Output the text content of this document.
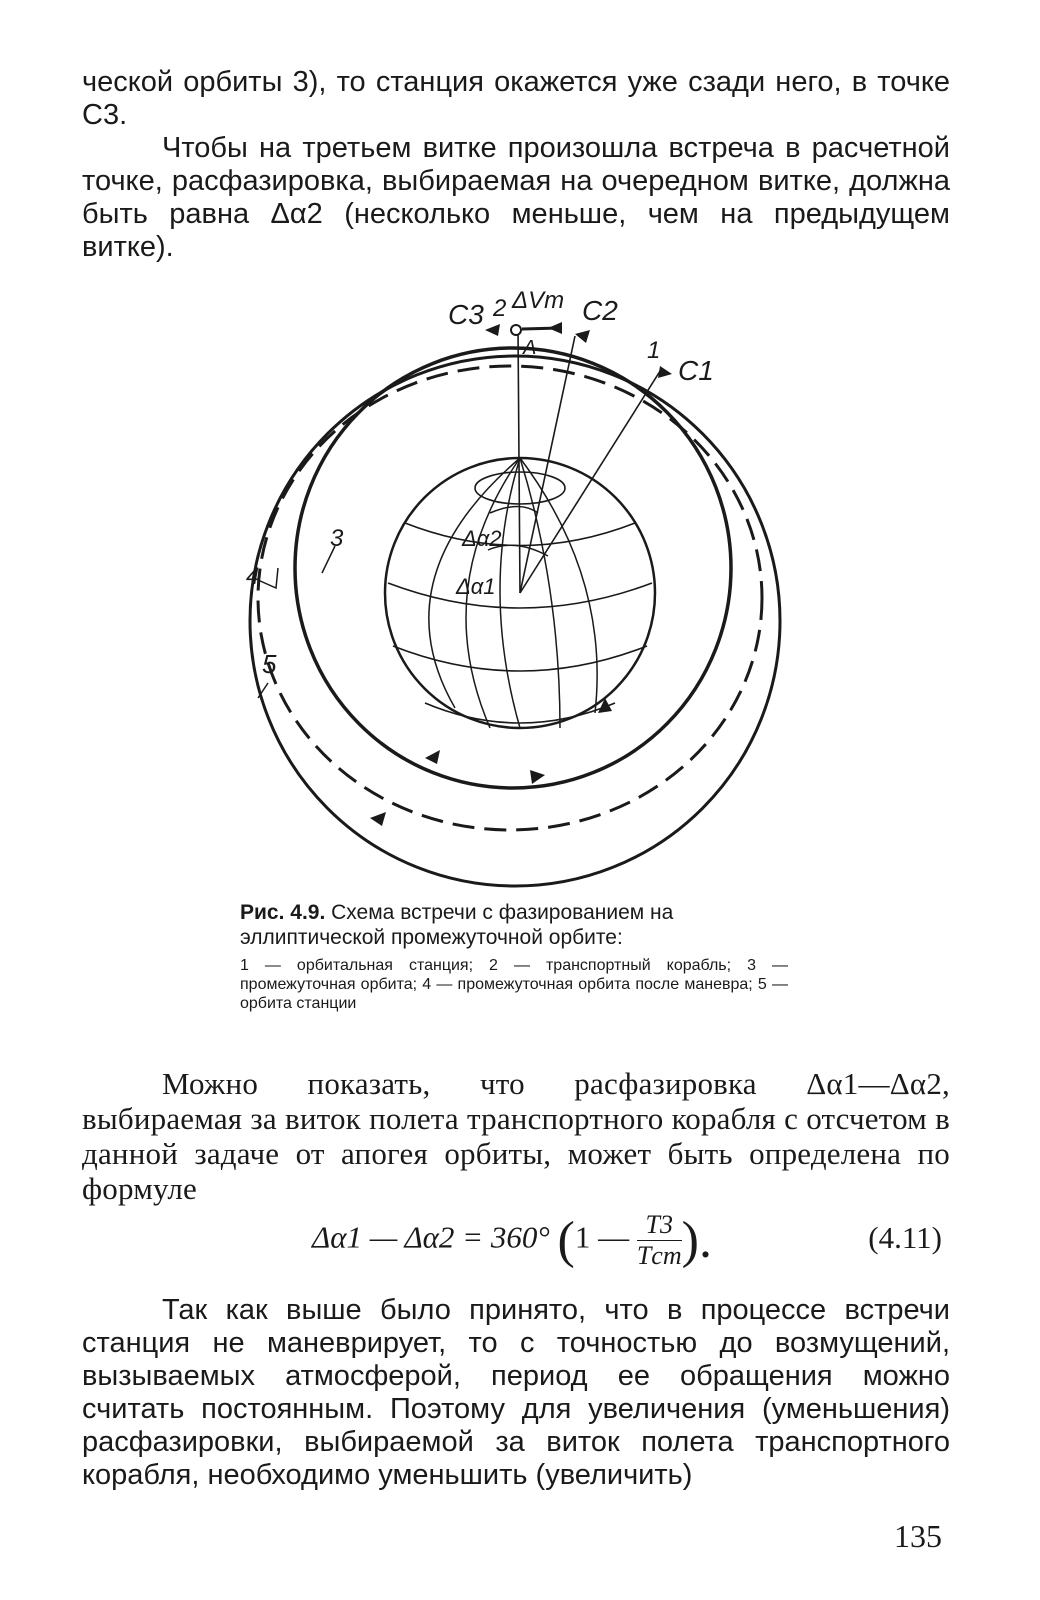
ческой орбиты 3), то станция окажется уже сзади него, в точке C3.
Чтобы на третьем витке произошла встреча в расчетной точке, расфазировка, выбираемая на очередном витке, должна быть равна Δα2 (несколько меньше, чем на предыдущем витке).
C3 2 ΔVт C2
A	1
C1
3
4
5
Δα2
Δα1
Рис. 4.9. Схема встречи с фазированием на эллиптической промежуточной орбите:
1 — орбитальная станция; 2 — транспортный корабль; 3 — промежуточная орбита; 4 — промежуточная орбита после маневра; 5 — орбита станции
Можно показать, что расфазировка Δα1—Δα2, выбираемая за виток полета транспортного корабля с отсчетом в данной задаче от апогея орбиты, может быть определена по формуле
Δα1 — Δα2 = 360° (1 — $\frac{T3}{\text{Tст}}$ ).	(4.11)
Так как выше было принято, что в процессе встречи станция не маневрирует, то с точностью до возмущений, вызываемых атмосферой, период ее обращения можно считать постоянным. Поэтому для увеличения (уменьшения) расфазировки, выбираемой за виток полета транспортного корабля, необходимо уменьшить (увеличить)
135
